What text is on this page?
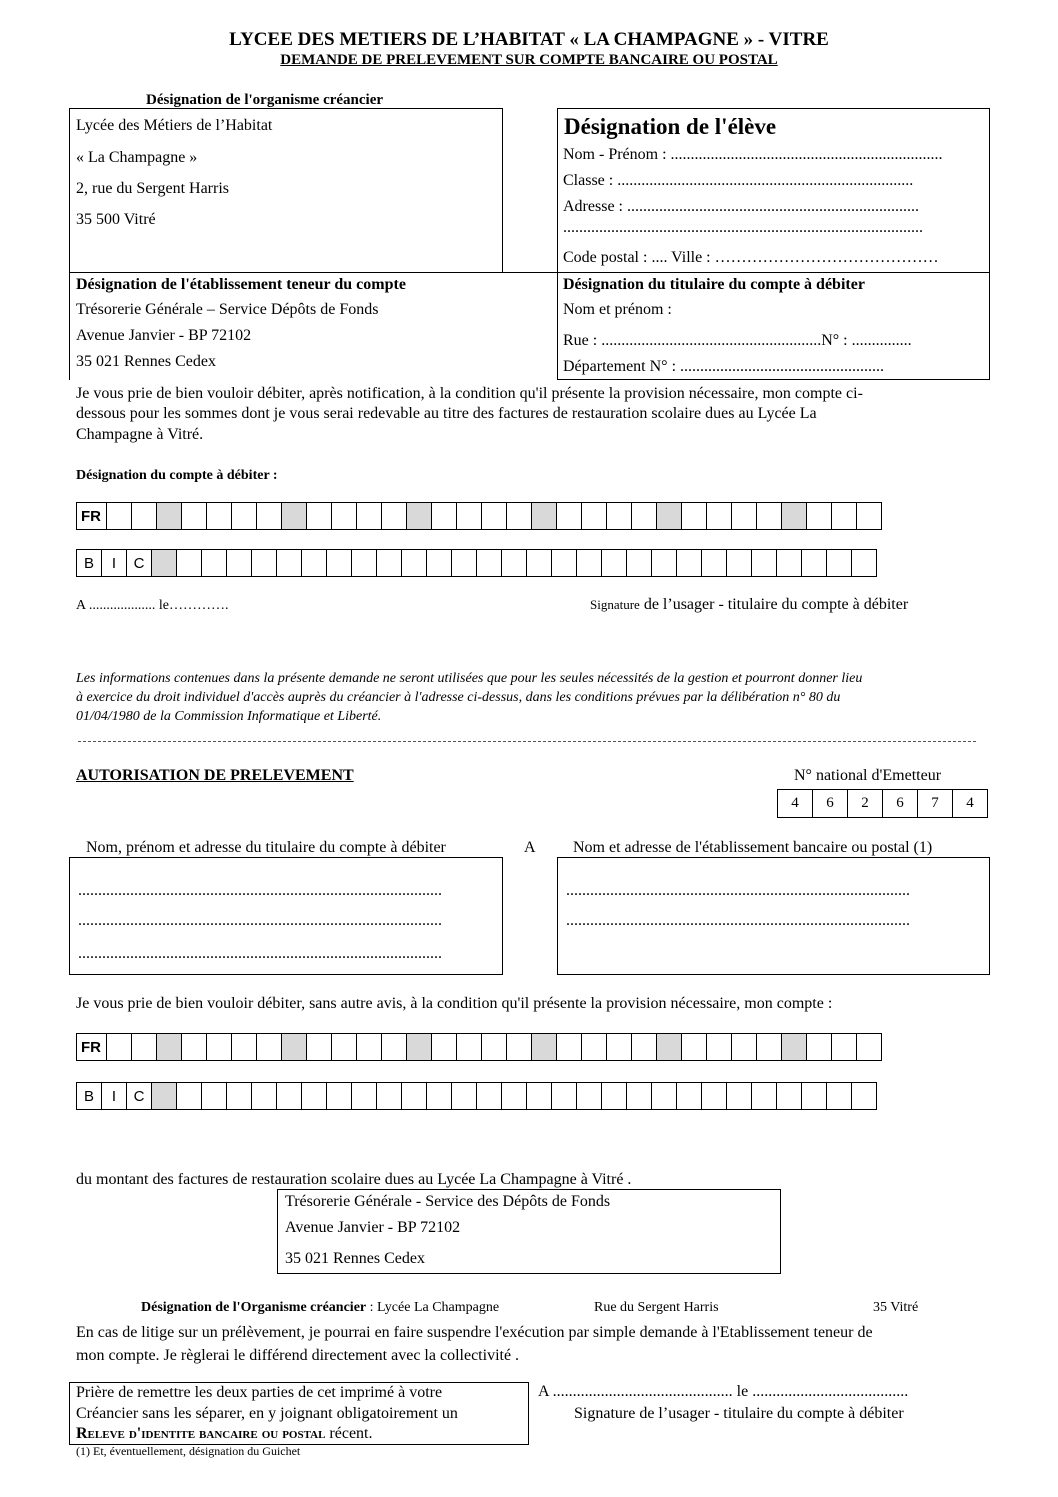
LYCEE DES METIERS DE L’HABITAT « LA CHAMPAGNE » - VITRE
DEMANDE DE PRELEVEMENT SUR COMPTE BANCAIRE OU POSTAL
Désignation de l'organisme créancier
Lycée des Métiers de l’Habitat
« La Champagne »
2, rue du Sergent Harris
35 500 Vitré
Désignation de l'élève
Nom - Prénom : ....................................................................
Classe : ..........................................................................
Adresse : .........................................................................
..........................................................................................
Code postal : .... Ville : ……………………………………
Désignation de l'établissement teneur du compte
Trésorerie Générale – Service Dépôts de Fonds
Avenue Janvier - BP 72102
35 021 Rennes Cedex
Désignation du titulaire du compte à débiter
Nom et prénom :
Rue : .......................................................N° : ...............
Département N° : ...................................................
Je vous prie de bien vouloir débiter, après notification, à la condition qu'il présente la provision nécessaire, mon compte ci-
dessous pour les sommes dont je vous serai redevable au titre des factures de restauration scolaire dues au Lycée La
Champagne à Vitré.
Désignation du compte à débiter :
FR
B	I	C
A ................... le………….	Signature de l’usager - titulaire du compte à débiter
Les informations contenues dans la présente demande ne seront utilisées que pour les seules nécessités de la gestion et pourront donner lieu
à exercice du droit individuel d'accès auprès du créancier à l'adresse ci-dessus, dans les conditions prévues par la délibération n° 80 du
01/04/1980 de la Commission Informatique et Liberté.
AUTORISATION DE PRELEVEMENT	N° national d'Emetteur
4	6	2	6	7	4
Nom, prénom et adresse du titulaire du compte à débiter	A Nom et adresse de l'établissement bancaire ou postal (1)
...........................................................................................
...........................................................................................
...........................................................................................
......................................................................................
......................................................................................
Je vous prie de bien vouloir débiter, sans autre avis, à la condition qu'il présente la provision nécessaire, mon compte :
FR
B	I	C
du montant des factures de restauration scolaire dues au Lycée La Champagne à Vitré .
Trésorerie Générale - Service des Dépôts de Fonds
Avenue Janvier - BP 72102
35 021 Rennes Cedex
Désignation de l'Organisme créancier : Lycée La Champagne	Rue du Sergent Harris	35 Vitré
En cas de litige sur un prélèvement, je pourrai en faire suspendre l'exécution par simple demande à l'Etablissement teneur de
mon compte. Je règlerai le différend directement avec la collectivité .
Prière de remettre les deux parties de cet imprimé à votre
Créancier sans les séparer, en y joignant obligatoirement un
Releve d'identite bancaire ou postal récent.
A ............................................. le .......................................
Signature de l’usager - titulaire du compte à débiter
(1) Et, éventuellement, désignation du Guichet
